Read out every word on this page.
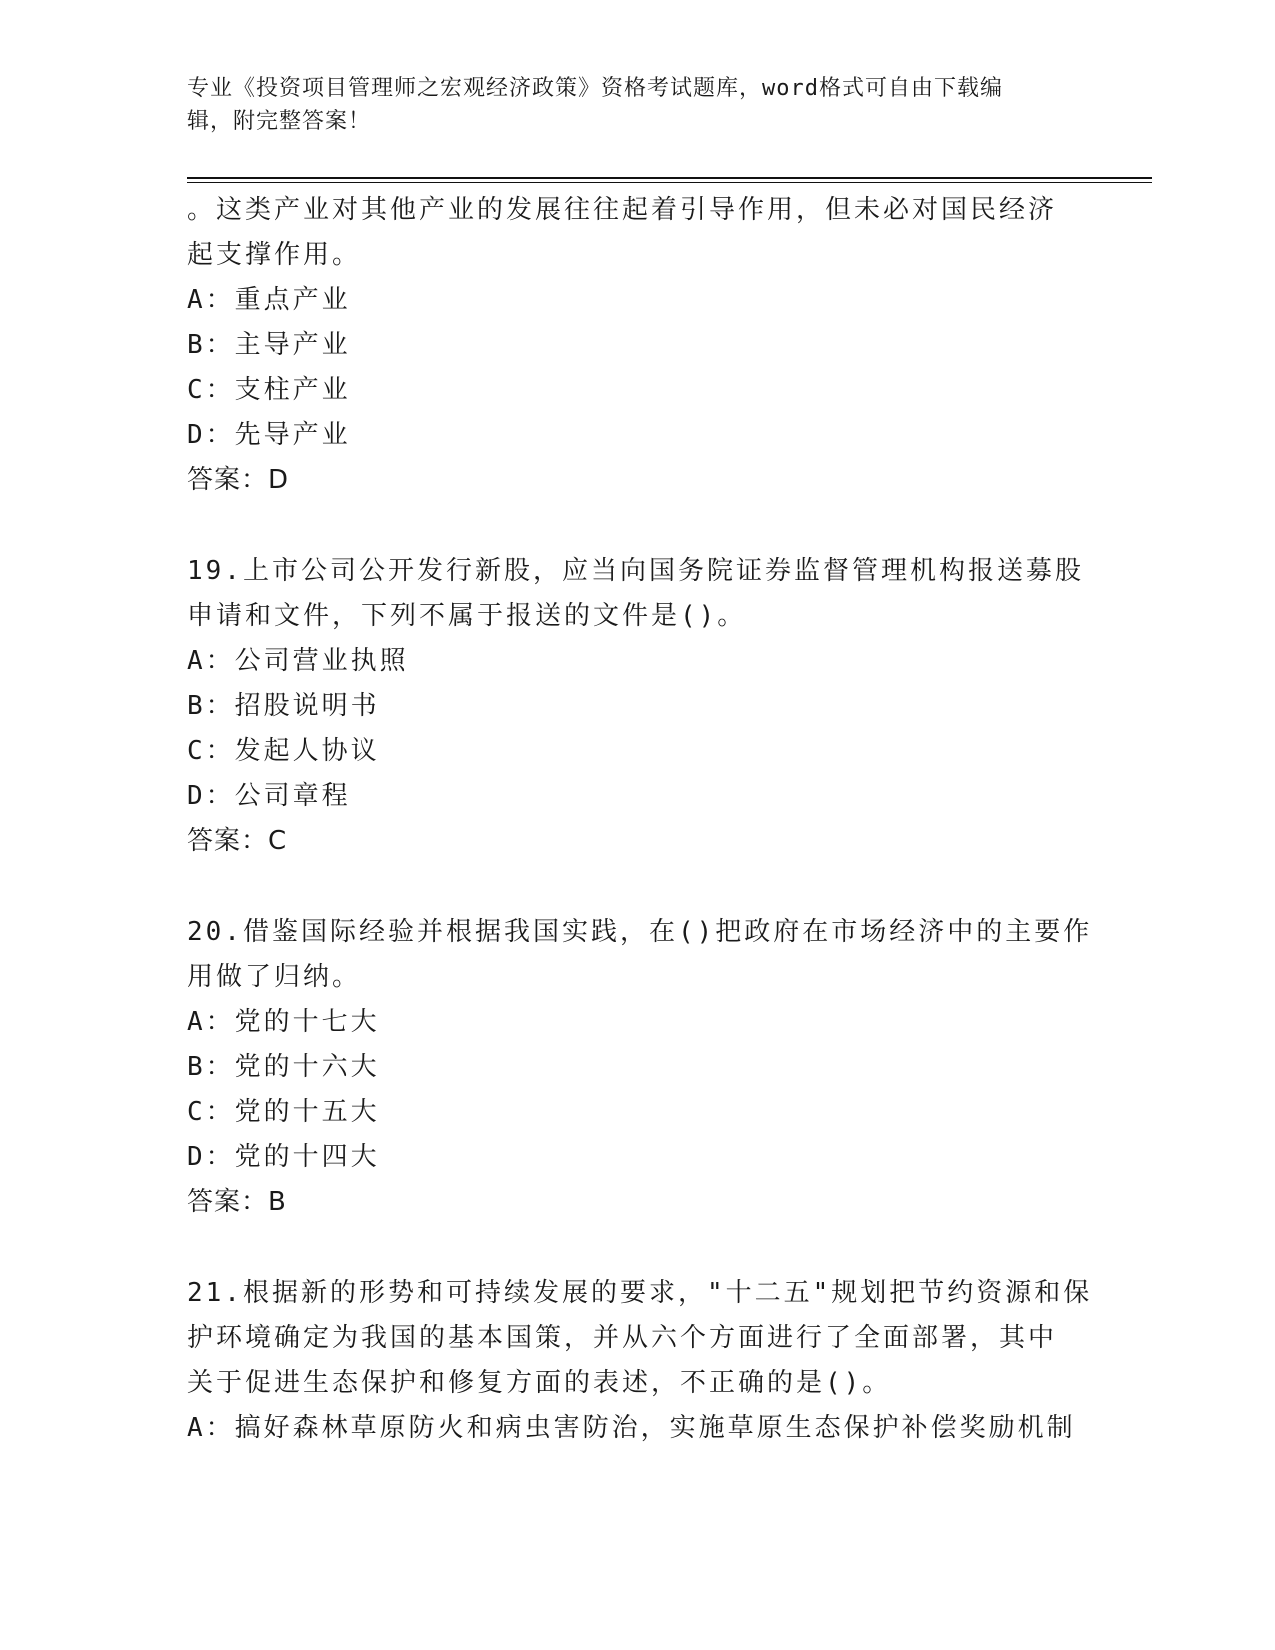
专业《投资项目管理师之宏观经济政策》资格考试题库，word格式可自由下载编
辑，附完整答案！
。这类产业对其他产业的发展往往起着引导作用，但未必对国民经济
起支撑作用。
A：重点产业
B：主导产业
C：支柱产业
D：先导产业
答案：D
19.上市公司公开发行新股，应当向国务院证券监督管理机构报送募股
申请和文件，下列不属于报送的文件是()。
A：公司营业执照
B：招股说明书
C：发起人协议
D：公司章程
答案：C
20.借鉴国际经验并根据我国实践，在()把政府在市场经济中的主要作
用做了归纳。
A：党的十七大
B：党的十六大
C：党的十五大
D：党的十四大
答案：B
21.根据新的形势和可持续发展的要求，"十二五"规划把节约资源和保
护环境确定为我国的基本国策，并从六个方面进行了全面部署，其中
关于促进生态保护和修复方面的表述，不正确的是()。
A：搞好森林草原防火和病虫害防治，实施草原生态保护补偿奖励机制
